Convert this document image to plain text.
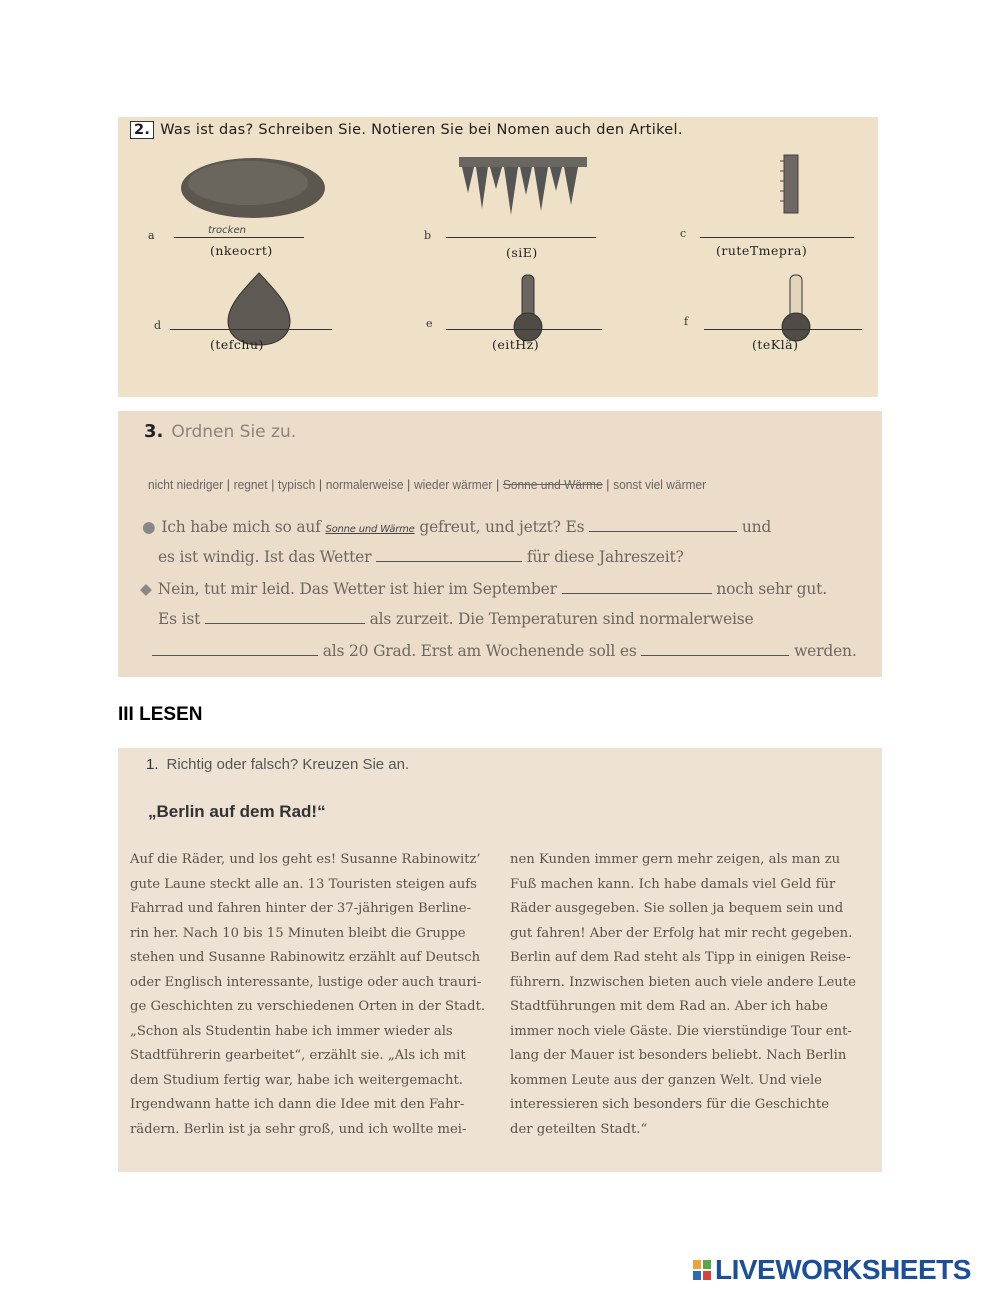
2. Was ist das? Schreiben Sie. Notieren Sie bei Nomen auch den Artikel.
a	trocken
(nkeocrt)
b
(siE)
c
(ruteTmepra)
d
(tefchu)
e
(eitHz)
f
(teKlä)
3. Ordnen Sie zu.
nicht niedriger | regnet | typisch | normalerweise | wieder wärmer | Sonne und Wärme | sonst viel wärmer
● Ich habe mich so auf Sonne und Wärme gefreut, und jetzt? Es	und
es ist windig. Ist das Wetter	für diese Jahreszeit?
◆ Nein, tut mir leid. Das Wetter ist hier im September	noch sehr gut.
Es ist	als zurzeit. Die Temperaturen sind normalerweise
als 20 Grad. Erst am Wochenende soll es	werden.
III LESEN
1. Richtig oder falsch? Kreuzen Sie an.
„Berlin auf dem Rad!“
Auf die Räder, und los geht es! Susanne Rabinowitz’
gute Laune steckt alle an. 13 Touristen steigen aufs
Fahrrad und fahren hinter der 37-jährigen Berline-
rin her. Nach 10 bis 15 Minuten bleibt die Gruppe
stehen und Susanne Rabinowitz erzählt auf Deutsch
oder Englisch interessante, lustige oder auch trauri-
ge Geschichten zu verschiedenen Orten in der Stadt.
„Schon als Studentin habe ich immer wieder als
Stadtführerin gearbeitet“, erzählt sie. „Als ich mit
dem Studium fertig war, habe ich weitergemacht.
Irgendwann hatte ich dann die Idee mit den Fahr-
rädern. Berlin ist ja sehr groß, und ich wollte mei-
nen Kunden immer gern mehr zeigen, als man zu
Fuß machen kann. Ich habe damals viel Geld für
Räder ausgegeben. Sie sollen ja bequem sein und
gut fahren! Aber der Erfolg hat mir recht gegeben.
Berlin auf dem Rad steht als Tipp in einigen Reise-
führern. Inzwischen bieten auch viele andere Leute
Stadtführungen mit dem Rad an. Aber ich habe
immer noch viele Gäste. Die vierstündige Tour ent-
lang der Mauer ist besonders beliebt. Nach Berlin
kommen Leute aus der ganzen Welt. Und viele
interessieren sich besonders für die Geschichte
der geteilten Stadt.“
LIVEWORKSHEETS
